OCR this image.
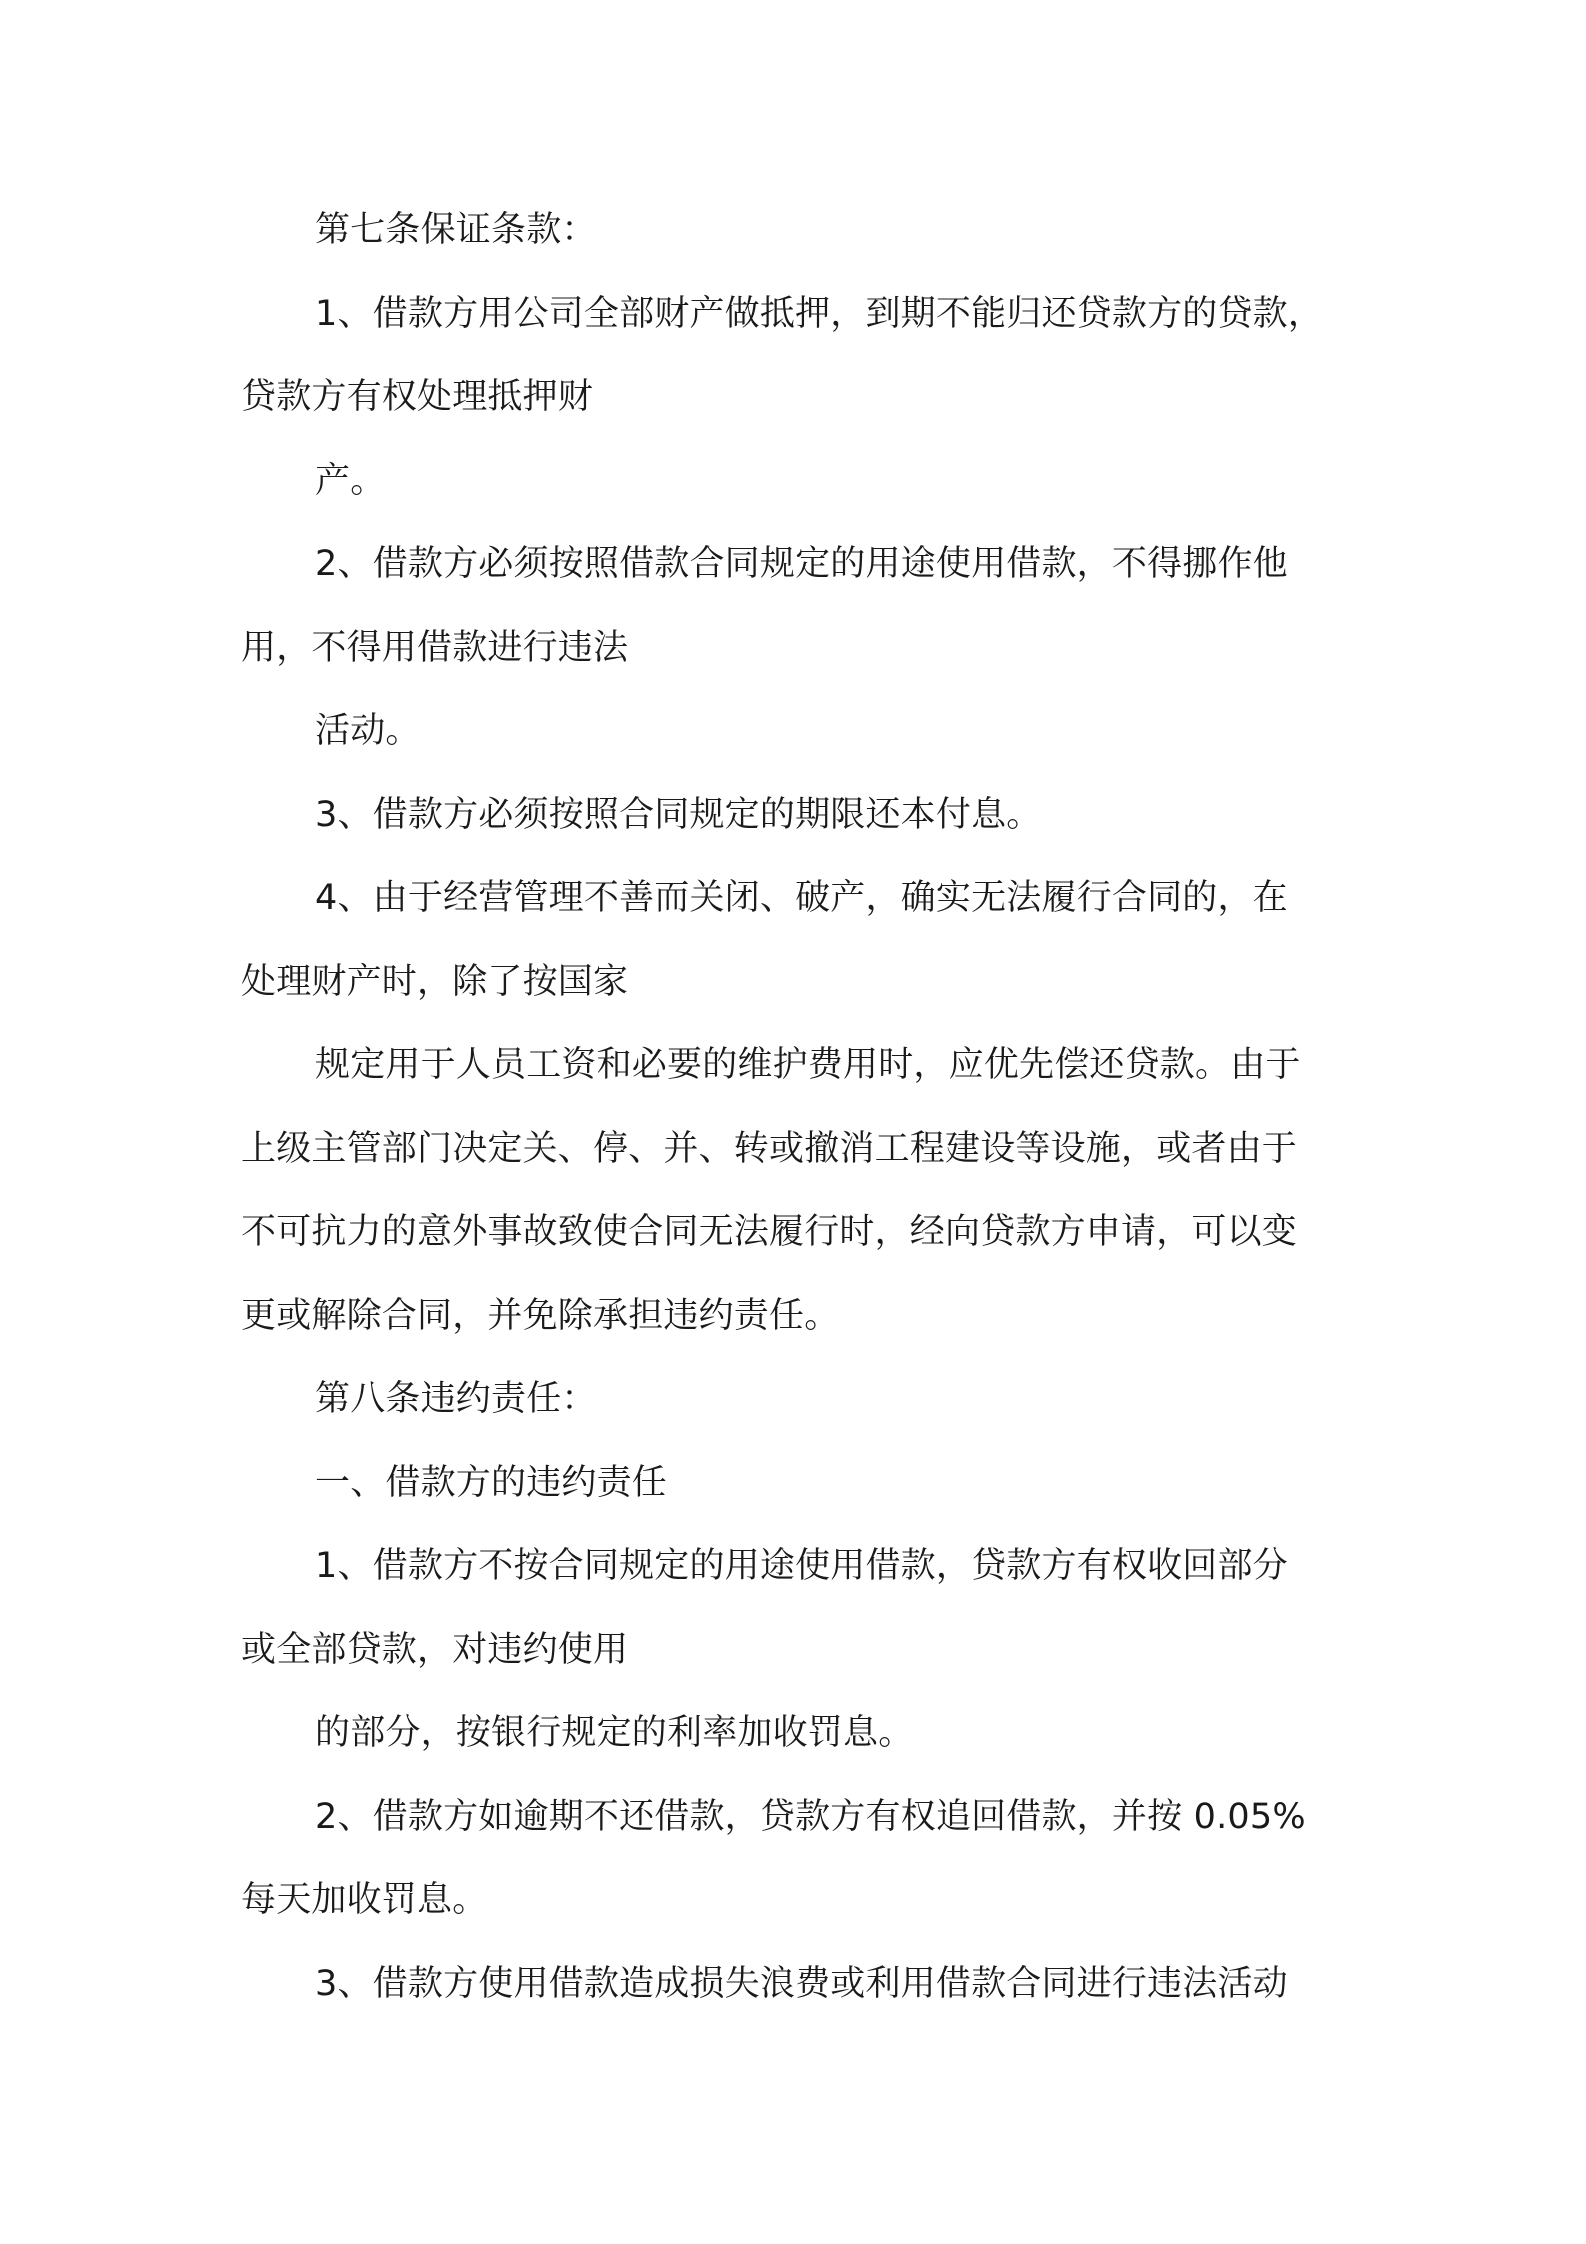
第七条保证条款：
1、借款方用公司全部财产做抵押，到期不能归还贷款方的贷款，
贷款方有权处理抵押财
产。
2、借款方必须按照借款合同规定的用途使用借款，不得挪作他
用，不得用借款进行违法
活动。
3、借款方必须按照合同规定的期限还本付息。
4、由于经营管理不善而关闭、破产，确实无法履行合同的，在
处理财产时，除了按国家
规定用于人员工资和必要的维护费用时，应优先偿还贷款。由于
上级主管部门决定关、停、并、转或撤消工程建设等设施，或者由于
不可抗力的意外事故致使合同无法履行时，经向贷款方申请，可以变
更或解除合同，并免除承担违约责任。
第八条违约责任：
一、借款方的违约责任
1、借款方不按合同规定的用途使用借款，贷款方有权收回部分
或全部贷款，对违约使用
的部分，按银行规定的利率加收罚息。
2、借款方如逾期不还借款，贷款方有权追回借款，并按 0.05%
每天加收罚息。
3、借款方使用借款造成损失浪费或利用借款合同进行违法活动
